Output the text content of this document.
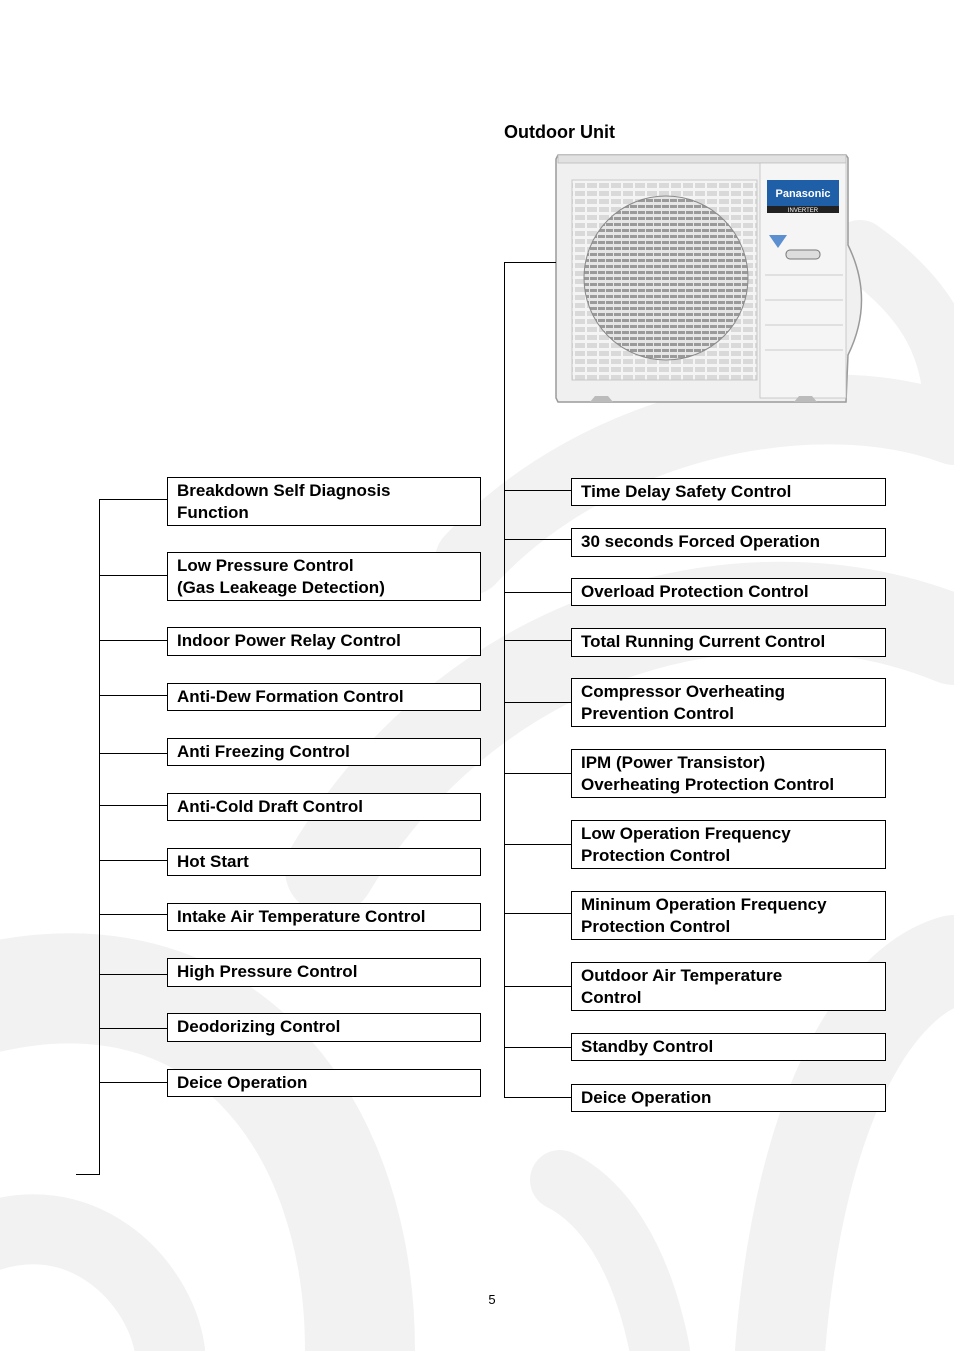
Outdoor Unit
Panasonic
INVERTER
Breakdown Self Diagnosis
Function
Low Pressure Control
(Gas Leakeage Detection)
Indoor Power Relay Control
Anti-Dew Formation Control
Anti Freezing Control
Anti-Cold Draft Control
Hot Start
Intake Air Temperature Control
High Pressure Control
Deodorizing Control
Deice Operation
Time Delay Safety Control
30 seconds Forced Operation
Overload Protection Control
Total Running Current Control
Compressor Overheating
Prevention Control
IPM (Power Transistor)
Overheating Protection Control
Low Operation Frequency
Protection Control
Mininum Operation Frequency
Protection Control
Outdoor Air Temperature
Control
Standby Control
Deice Operation
5
